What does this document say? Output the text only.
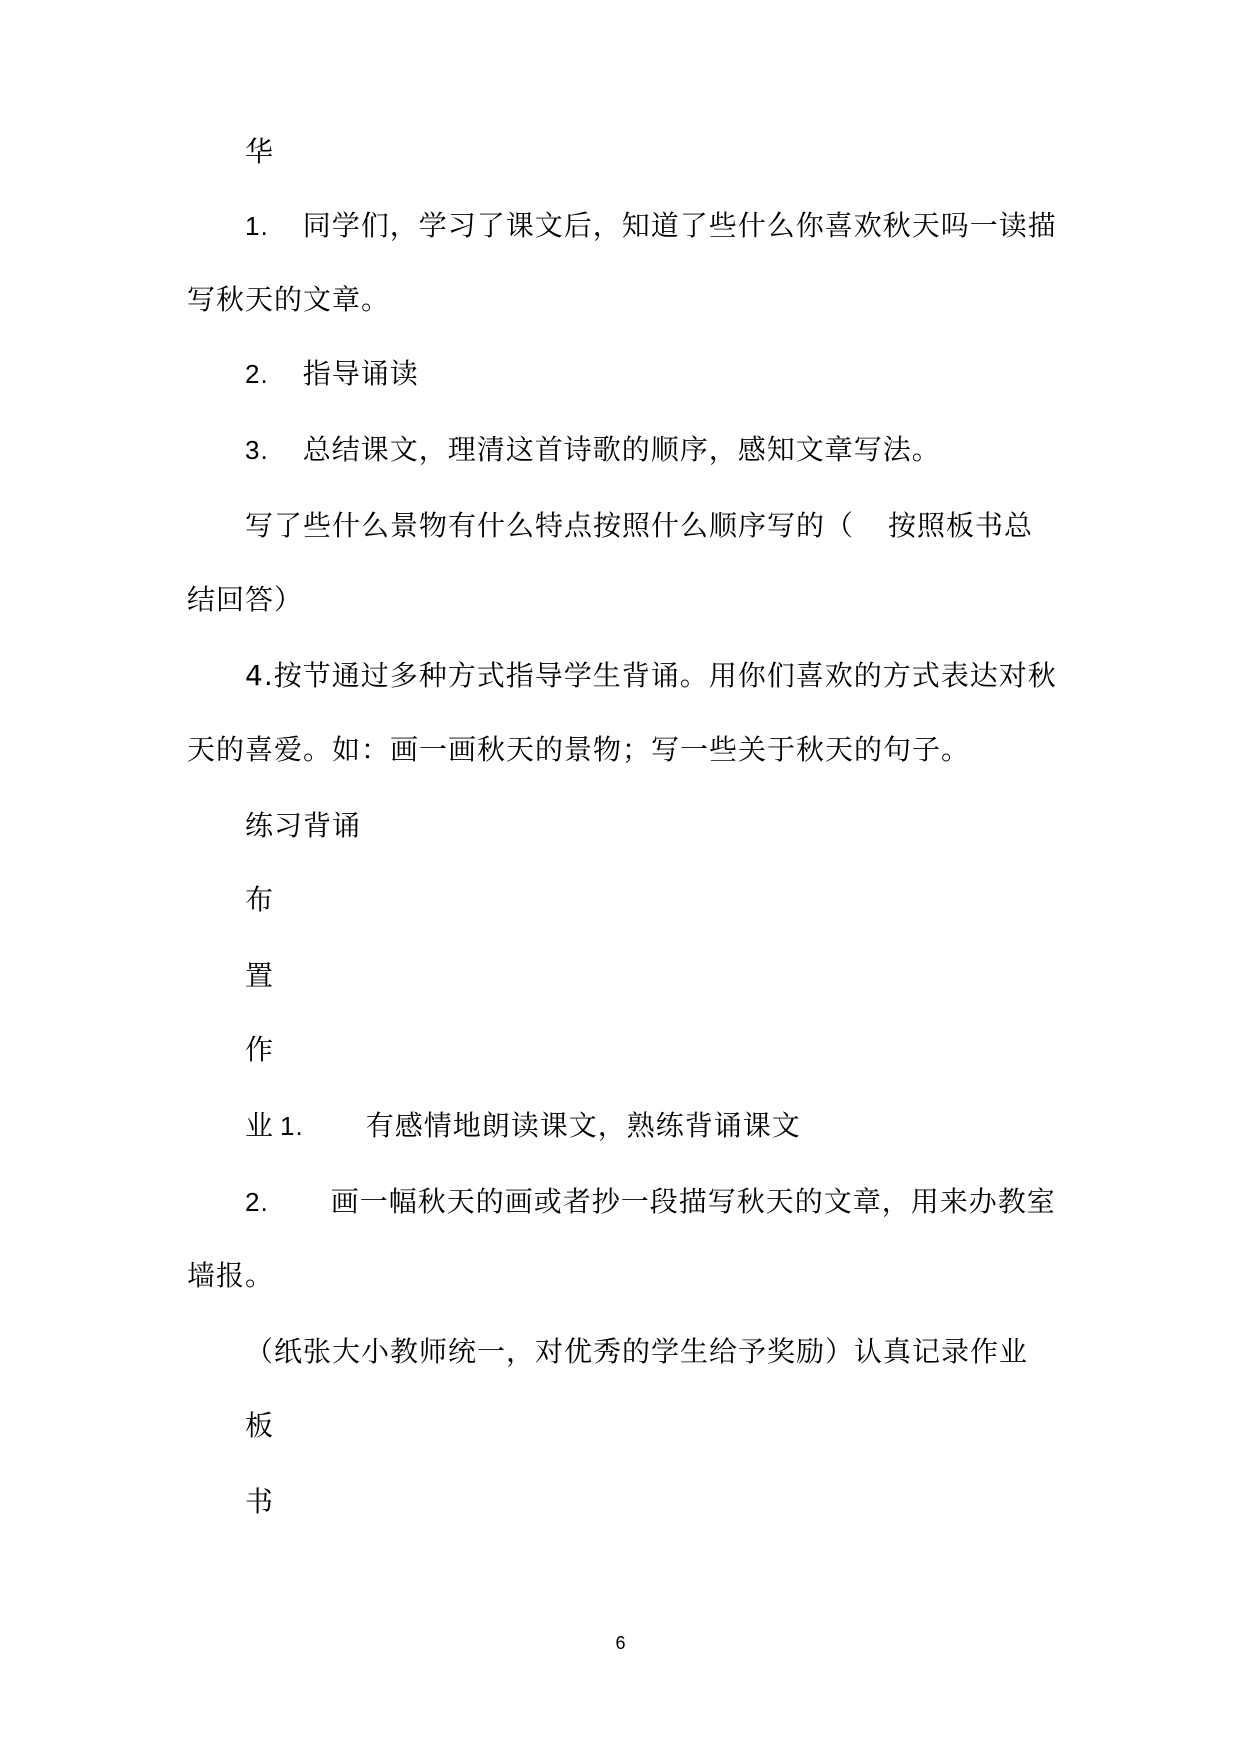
华
1. 同学们，学习了课文后，知道了些什么你喜欢秋天吗一读描
写秋天的文章。
2. 指导诵读
3. 总结课文，理清这首诗歌的顺序，感知文章写法。
写了些什么景物有什么特点按照什么顺序写的（ 按照板书总
结回答）
4.按节通过多种方式指导学生背诵。用你们喜欢的方式表达对秋
天的喜爱。如：画一画秋天的景物；写一些关于秋天的句子。
练习背诵
布
置
作
业 1. 有感情地朗读课文，熟练背诵课文
2. 画一幅秋天的画或者抄一段描写秋天的文章，用来办教室
墙报。
（纸张大小教师统一，对优秀的学生给予奖励）认真记录作业
板
书
6
